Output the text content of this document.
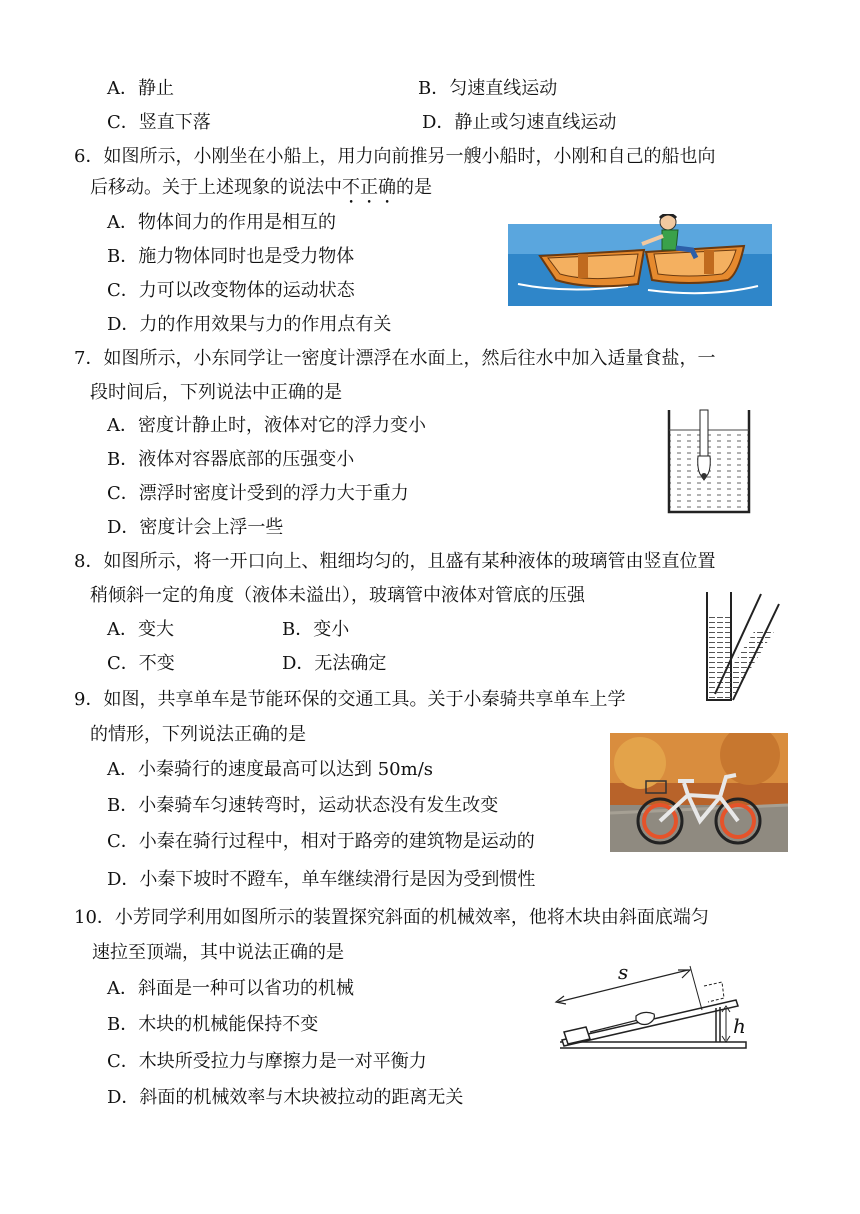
A．静止	B．匀速直线运动
C．竖直下落	D．静止或匀速直线运动
6．如图所示，小刚坐在小船上，用力向前推另一艘小船时，小刚和自己的船也向
后移动。关于上述现象的说法中不正确的是
A．物体间力的作用是相互的
B．施力物体同时也是受力物体
C．力可以改变物体的运动状态
D．力的作用效果与力的作用点有关
7．如图所示，小东同学让一密度计漂浮在水面上，然后往水中加入适量食盐，一
段时间后，下列说法中正确的是
A．密度计静止时，液体对它的浮力变小
B．液体对容器底部的压强变小
C．漂浮时密度计受到的浮力大于重力
D．密度计会上浮一些
8．如图所示，将一开口向上、粗细均匀的，且盛有某种液体的玻璃管由竖直位置
稍倾斜一定的角度（液体未溢出），玻璃管中液体对管底的压强
A．变大	B．变小
C．不变	D．无法确定
9．如图，共享单车是节能环保的交通工具。关于小秦骑共享单车上学
的情形，下列说法正确的是
A．小秦骑行的速度最高可以达到 50m/s
B．小秦骑车匀速转弯时，运动状态没有发生改变
C．小秦在骑行过程中，相对于路旁的建筑物是运动的
D．小秦下坡时不蹬车，单车继续滑行是因为受到惯性
10．小芳同学利用如图所示的装置探究斜面的机械效率，他将木块由斜面底端匀
速拉至顶端，其中说法正确的是
A．斜面是一种可以省功的机械
B．木块的机械能保持不变
C．木块所受拉力与摩擦力是一对平衡力
D．斜面的机械效率与木块被拉动的距离无关
s
h
